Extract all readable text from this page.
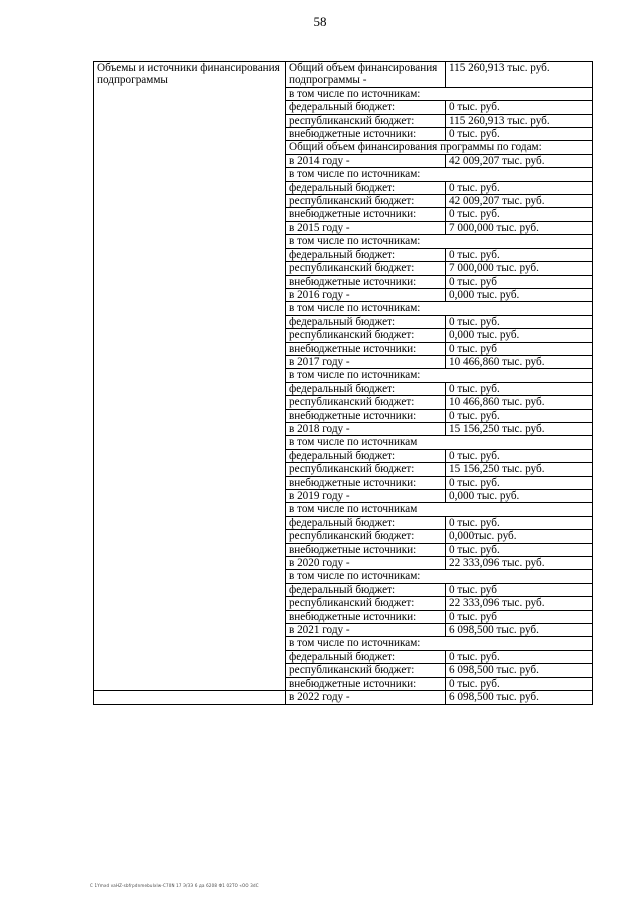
58
Объемы и источники финансирования подпрограммы	Общий объем финансирования подпрограммы -	115 260,913 тыс. руб.
	в том числе по источникам:	
	федеральный бюджет:	0 тыс. руб.
	республиканский бюджет:	115 260,913 тыс. руб.
	внебюджетные источники:	0 тыс. руб.
	Общий объем финансирования программы по годам:	
	в 2014 году -	42 009,207 тыс. руб.
	в том числе по источникам:	
	федеральный бюджет:	0 тыс. руб.
	республиканский бюджет:	42 009,207 тыс. руб.
	внебюджетные источники:	0 тыс. руб.
	в 2015 году -	7 000,000 тыс. руб.
	в том числе по источникам:	
	федеральный бюджет:	0 тыс. руб.
	республиканский бюджет:	7 000,000 тыс. руб.
	внебюджетные источники:	0 тыс. руб
	в 2016 году -	0,000 тыс. руб.
	в том числе по источникам:	
	федеральный бюджет:	0 тыс. руб.
	республиканский бюджет:	0,000 тыс. руб.
	внебюджетные источники:	0 тыс. руб
	в 2017 году -	10 466,860 тыс. руб.
	в том числе по источникам:	
	федеральный бюджет:	0 тыс. руб.
	республиканский бюджет:	10 466,860 тыс. руб.
	внебюджетные источники:	0 тыс. руб.
	в 2018 году -	15 156,250 тыс. руб.
	в том числе по источникам	
	федеральный бюджет:	0 тыс. руб.
	республиканский бюджет:	15 156,250 тыс. руб.
	внебюджетные источники:	0 тыс. руб.
	в 2019 году -	0,000 тыс. руб.
	в том числе по источникам	
	федеральный бюджет:	0 тыс. руб.
	республиканский бюджет:	0,000тыс. руб.
	внебюджетные источники:	0 тыс. руб.
	в 2020 году -	22 333,096 тыс. руб.
	в том числе по источникам:	
	федеральный бюджет:	0 тыс. руб
	республиканский бюджет:	22 333,096 тыс. руб.
	внебюджетные источники:	0 тыс. руб
	в 2021 году -	6 098,500 тыс. руб.
	в том числе по источникам:	
	федеральный бюджет:	0 тыс. руб.
	республиканский бюджет:	6 098,500 тыс. руб.
	внебюджетные источники:	0 тыс. руб.
	в 2022 году -	6 098,500 тыс. руб.
С 1Ymxd vaHZ-sbfrpdnmebuIxlw-C70N 17 Э/ЗЭ 6 да 6208 Ф1 02ТО «ОО 3dC
